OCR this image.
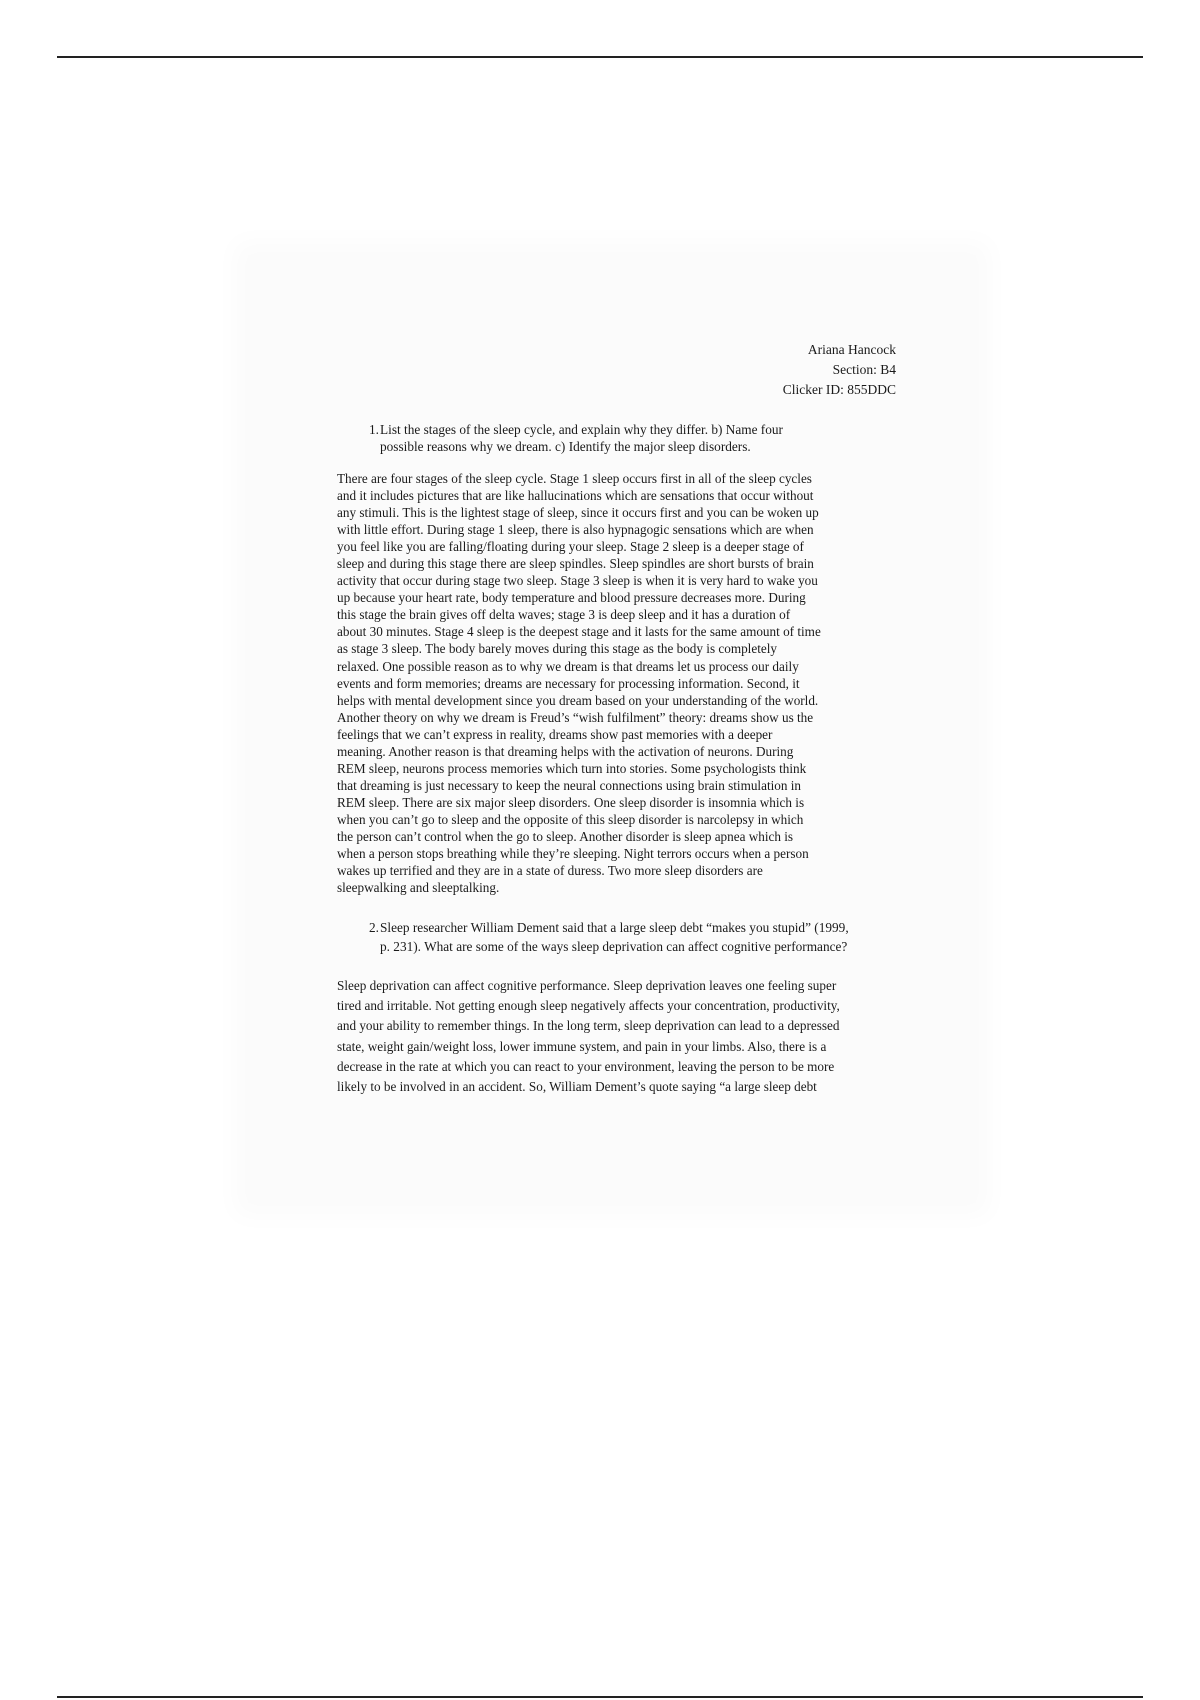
Ariana Hancock
Section: B4
Clicker ID: 855DDC
1. List the stages of the sleep cycle, and explain why they differ. b) Name four
possible reasons why we dream. c) Identify the major sleep disorders.
There are four stages of the sleep cycle. Stage 1 sleep occurs first in all of the sleep cycles
and it includes pictures that are like hallucinations which are sensations that occur without
any stimuli. This is the lightest stage of sleep, since it occurs first and you can be woken up
with little effort. During stage 1 sleep, there is also hypnagogic sensations which are when
you feel like you are falling/floating during your sleep. Stage 2 sleep is a deeper stage of
sleep and during this stage there are sleep spindles. Sleep spindles are short bursts of brain
activity that occur during stage two sleep. Stage 3 sleep is when it is very hard to wake you
up because your heart rate, body temperature and blood pressure decreases more. During
this stage the brain gives off delta waves; stage 3 is deep sleep and it has a duration of
about 30 minutes. Stage 4 sleep is the deepest stage and it lasts for the same amount of time
as stage 3 sleep. The body barely moves during this stage as the body is completely
relaxed. One possible reason as to why we dream is that dreams let us process our daily
events and form memories; dreams are necessary for processing information. Second, it
helps with mental development since you dream based on your understanding of the world.
Another theory on why we dream is Freud’s “wish fulfilment” theory: dreams show us the
feelings that we can’t express in reality, dreams show past memories with a deeper
meaning. Another reason is that dreaming helps with the activation of neurons. During
REM sleep, neurons process memories which turn into stories. Some psychologists think
that dreaming is just necessary to keep the neural connections using brain stimulation in
REM sleep. There are six major sleep disorders. One sleep disorder is insomnia which is
when you can’t go to sleep and the opposite of this sleep disorder is narcolepsy in which
the person can’t control when the go to sleep. Another disorder is sleep apnea which is
when a person stops breathing while they’re sleeping. Night terrors occurs when a person
wakes up terrified and they are in a state of duress. Two more sleep disorders are
sleepwalking and sleeptalking.
2. Sleep researcher William Dement said that a large sleep debt “makes you stupid” (1999,
p. 231). What are some of the ways sleep deprivation can affect cognitive performance?
Sleep deprivation can affect cognitive performance. Sleep deprivation leaves one feeling super
tired and irritable. Not getting enough sleep negatively affects your concentration, productivity,
and your ability to remember things. In the long term, sleep deprivation can lead to a depressed
state, weight gain/weight loss, lower immune system, and pain in your limbs. Also, there is a
decrease in the rate at which you can react to your environment, leaving the person to be more
likely to be involved in an accident. So, William Dement’s quote saying “a large sleep debt
